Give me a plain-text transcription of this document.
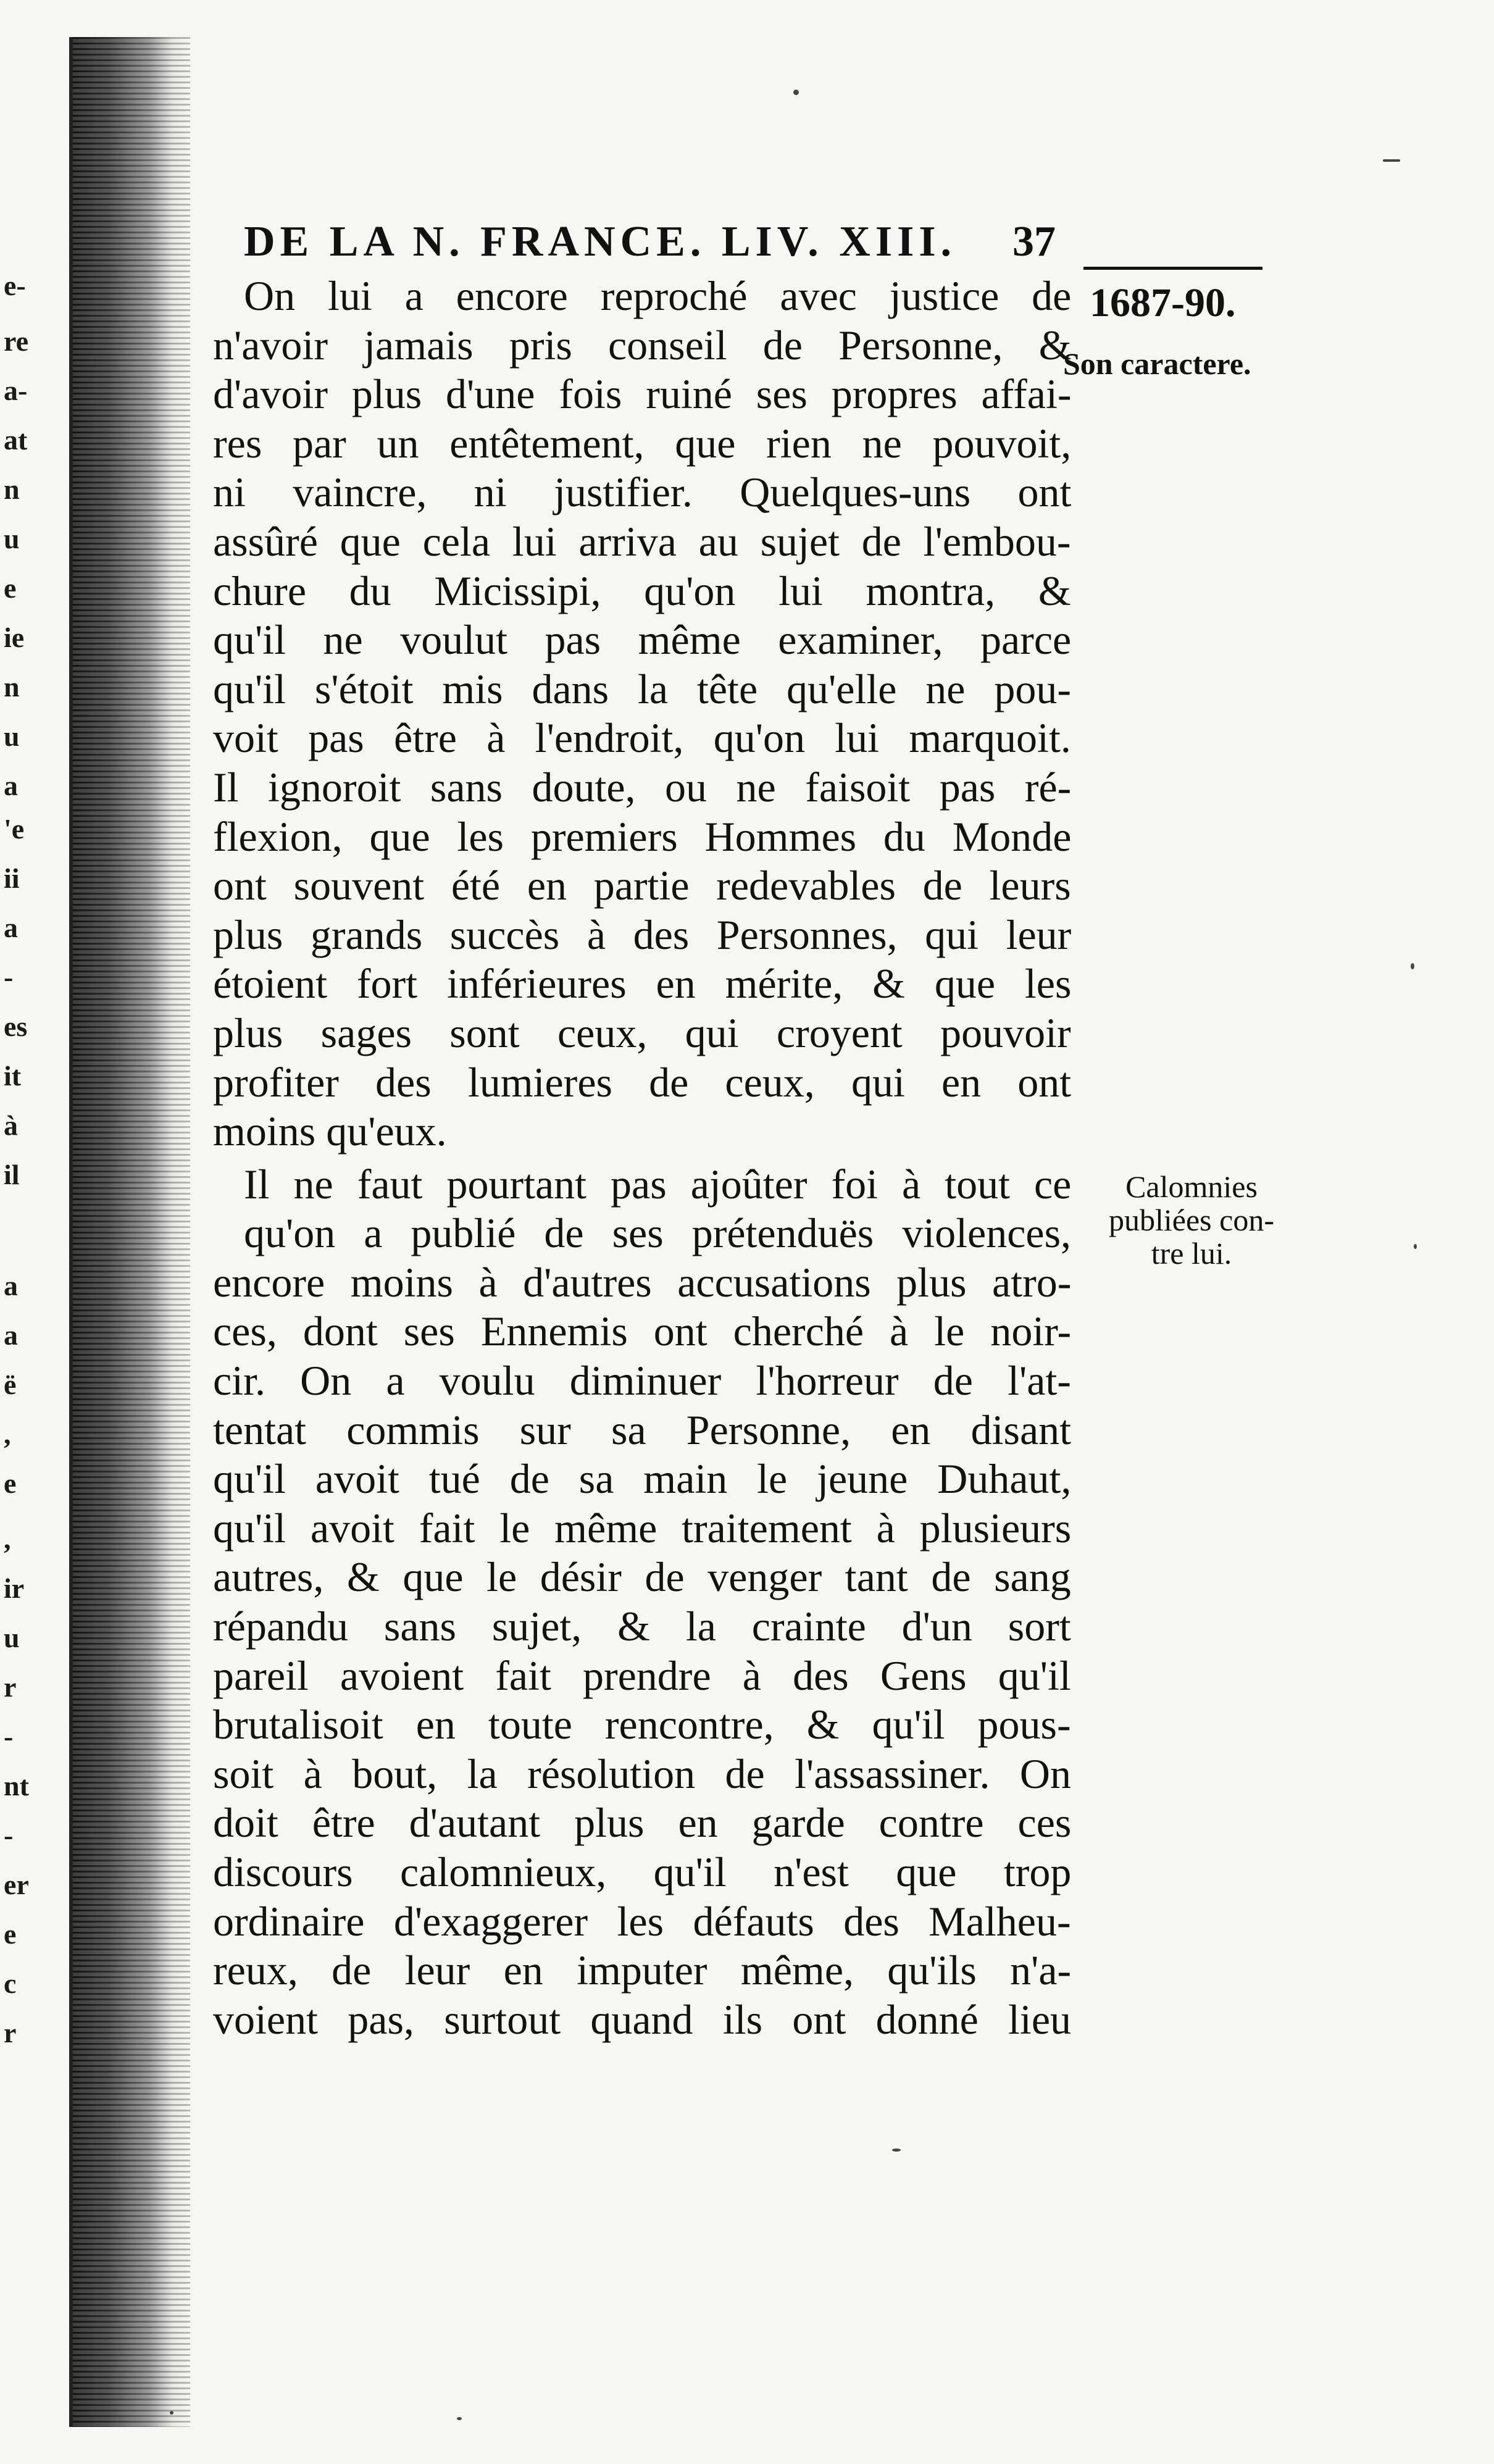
e-
re
a-
at
n
u
e
ie
n
u
a
'e
ii
a
-
es
it
à
il
a
a
ë
,
e
,
ir
u
r
-
nt
-
er
e
c
r
DE LA N. FRANCE. LIV. XIII. 37
1687-90.
Son caractere.
Calomnies
publiées con-
tre lui.
On lui a encore reproché avec justice de
n'avoir jamais pris conseil de Personne, &
d'avoir plus d'une fois ruiné ses propres affai-
res par un entêtement, que rien ne pouvoit,
ni vaincre, ni justifier. Quelques-uns ont
assûré que cela lui arriva au sujet de l'embou-
chure du Micissipi, qu'on lui montra, &
qu'il ne voulut pas même examiner, parce
qu'il s'étoit mis dans la tête qu'elle ne pou-
voit pas être à l'endroit, qu'on lui marquoit.
Il ignoroit sans doute, ou ne faisoit pas ré-
flexion, que les premiers Hommes du Monde
ont souvent été en partie redevables de leurs
plus grands succès à des Personnes, qui leur
étoient fort inférieures en mérite, & que les
plus sages sont ceux, qui croyent pouvoir
profiter des lumieres de ceux, qui en ont
moins qu'eux.
Il ne faut pourtant pas ajoûter foi à tout ce
qu'on a publié de ses prétenduës violences,
encore moins à d'autres accusations plus atro-
ces, dont ses Ennemis ont cherché à le noir-
cir. On a voulu diminuer l'horreur de l'at-
tentat commis sur sa Personne, en disant
qu'il avoit tué de sa main le jeune Duhaut,
qu'il avoit fait le même traitement à plusieurs
autres, & que le désir de venger tant de sang
répandu sans sujet, & la crainte d'un sort
pareil avoient fait prendre à des Gens qu'il
brutalisoit en toute rencontre, & qu'il pous-
soit à bout, la résolution de l'assassiner. On
doit être d'autant plus en garde contre ces
discours calomnieux, qu'il n'est que trop
ordinaire d'exaggerer les défauts des Malheu-
reux, de leur en imputer même, qu'ils n'a-
voient pas, surtout quand ils ont donné lieu
